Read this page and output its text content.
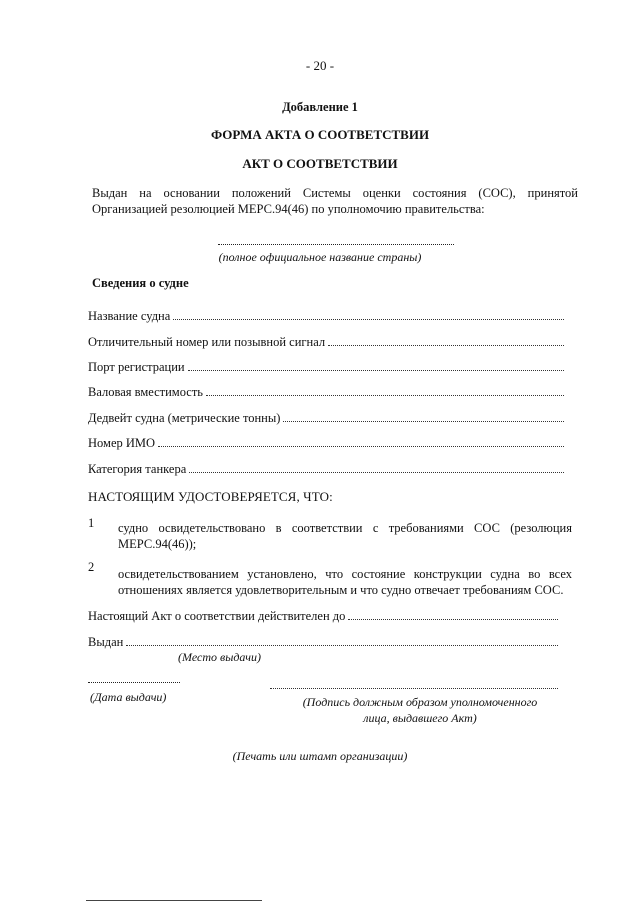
- 20 -
Добавление 1
ФОРМА АКТА О СООТВЕТСТВИИ
АКТ О СООТВЕТСТВИИ
Выдан на основании положений Системы оценки состояния (СОС), принятой Организацией резолюцией МЕРС.94(46) по уполномочию правительства:
(полное официальное название страны)
Сведения о судне
Название судна
Отличительный номер или позывной сигнал
Порт регистрации
Валовая вместимость
Дедвейт судна (метрические тонны)
Номер ИМО
Категория танкера
НАСТОЯЩИМ УДОСТОВЕРЯЕТСЯ, ЧТО:
1 судно освидетельствовано в соответствии с требованиями СОС (резолюция МЕРС.94(46));
2 освидетельствованием установлено, что состояние конструкции судна во всех отношениях является удовлетворительным и что судно отвечает требованиям СОС.
Настоящий Акт о соответствии действителен до
Выдан
(Место выдачи)
(Дата выдачи)	(Подпись должным образом уполномоченного лица, выдавшего Акт)
(Печать или штамп организации)
